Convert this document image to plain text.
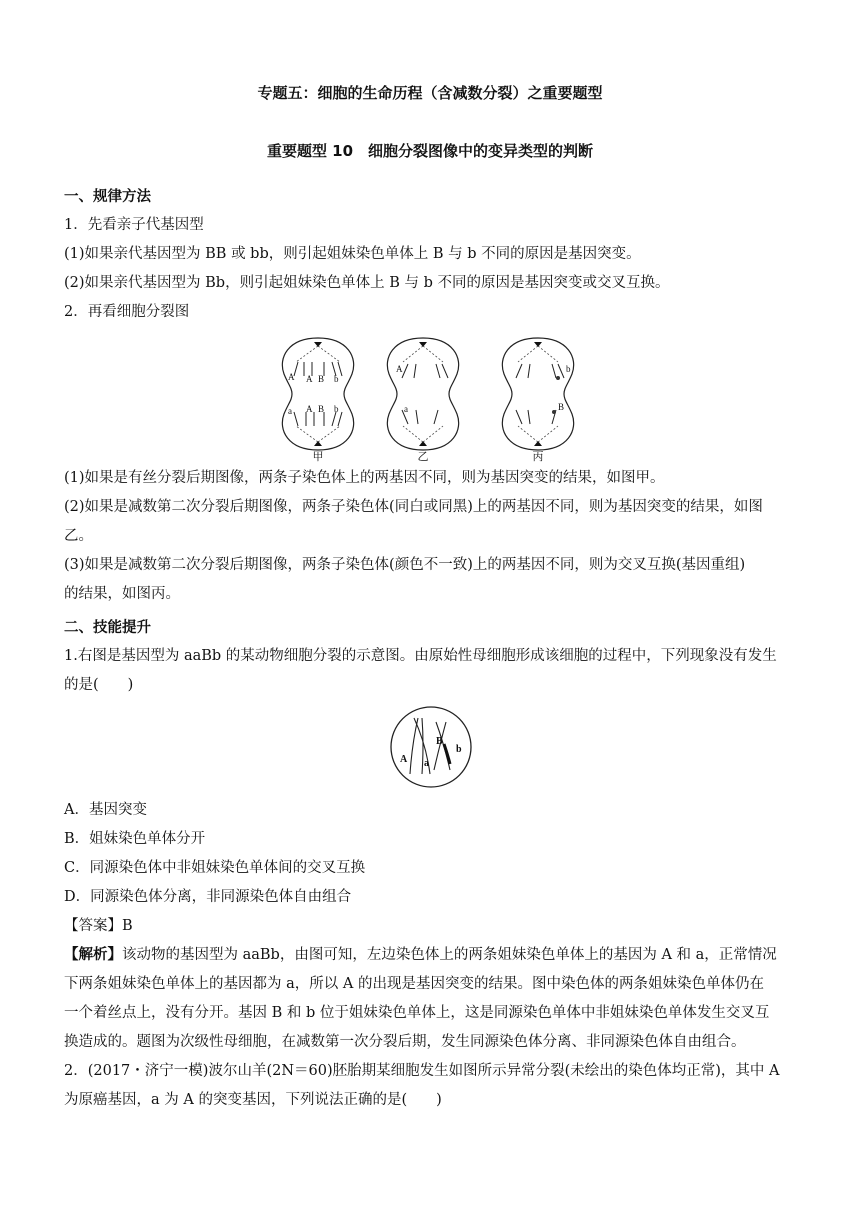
专题五：细胞的生命历程（含减数分裂）之重要题型
重要题型 10　细胞分裂图像中的变异类型的判断
一、规律方法
1．先看亲子代基因型
(1)如果亲代基因型为 BB 或 bb，则引起姐妹染色单体上 B 与 b 不同的原因是基因突变。
(2)如果亲代基因型为 Bb，则引起姐妹染色单体上 B 与 b 不同的原因是基因突变或交叉互换。
2．再看细胞分裂图
A A B b
a A B b
A
a
b
B
甲	乙	丙
(1)如果是有丝分裂后期图像，两条子染色体上的两基因不同，则为基因突变的结果，如图甲。
(2)如果是减数第二次分裂后期图像，两条子染色体(同白或同黑)上的两基因不同，则为基因突变的结果，如图
乙。
(3)如果是减数第二次分裂后期图像，两条子染色体(颜色不一致)上的两基因不同，则为交叉互换(基因重组)
的结果，如图丙。
二、技能提升
1.右图是基因型为 aaBb 的某动物细胞分裂的示意图。由原始性母细胞形成该细胞的过程中，下列现象没有发生
的是(　　)
A a
B
b
A．基因突变
B．姐妹染色单体分开
C．同源染色体中非姐妹染色单体间的交叉互换
D．同源染色体分离，非同源染色体自由组合
【答案】B
【解析】该动物的基因型为 aaBb，由图可知，左边染色体上的两条姐妹染色单体上的基因为 A 和 a，正常情况
下两条姐妹染色单体上的基因都为 a，所以 A 的出现是基因突变的结果。图中染色体的两条姐妹染色单体仍在
一个着丝点上，没有分开。基因 B 和 b 位于姐妹染色单体上，这是同源染色单体中非姐妹染色单体发生交叉互
换造成的。题图为次级性母细胞，在减数第一次分裂后期，发生同源染色体分离、非同源染色体自由组合。
2．(2017・济宁一模)波尔山羊(2N＝60)胚胎期某细胞发生如图所示异常分裂(未绘出的染色体均正常)，其中 A
为原癌基因，a 为 A 的突变基因，下列说法正确的是(　　)
